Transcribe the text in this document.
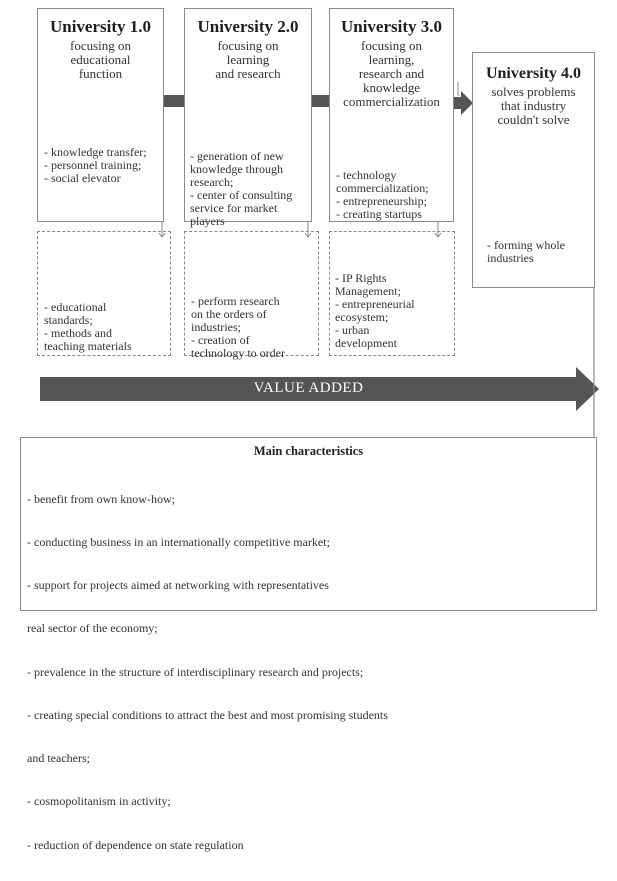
University 1.0
focusing on
educational
function
- knowledge transfer;
- personnel training;
- social elevator

- educational
standards;
- methods and
teaching materials

University 2.0
focusing on
learning
and research

- generation of new
knowledge through
research;
- center of consulting
service for market
players

- perform research
on the orders of
industries;
- creation of
technology to order

University 3.0
focusing on
learning,
research and
knowledge
commercialization

- technology
commercialization;
- entrepreneurship;
- creating startups

- IP Rights
Management;
- entrepreneurial
ecosystem;
- urban
development

University 4.0
solves problems
that industry
couldn't solve

- forming whole
industries

VALUE ADDED
Main characteristics

- benefit from own know-how;

- conducting business in an internationally competitive market;

- support for projects aimed at networking with representatives

real sector of the economy;

- prevalence in the structure of interdisciplinary research and projects;

- creating special conditions to attract the best and most promising students

and teachers;

- cosmopolitanism in activity;

- reduction of dependence on state regulation
